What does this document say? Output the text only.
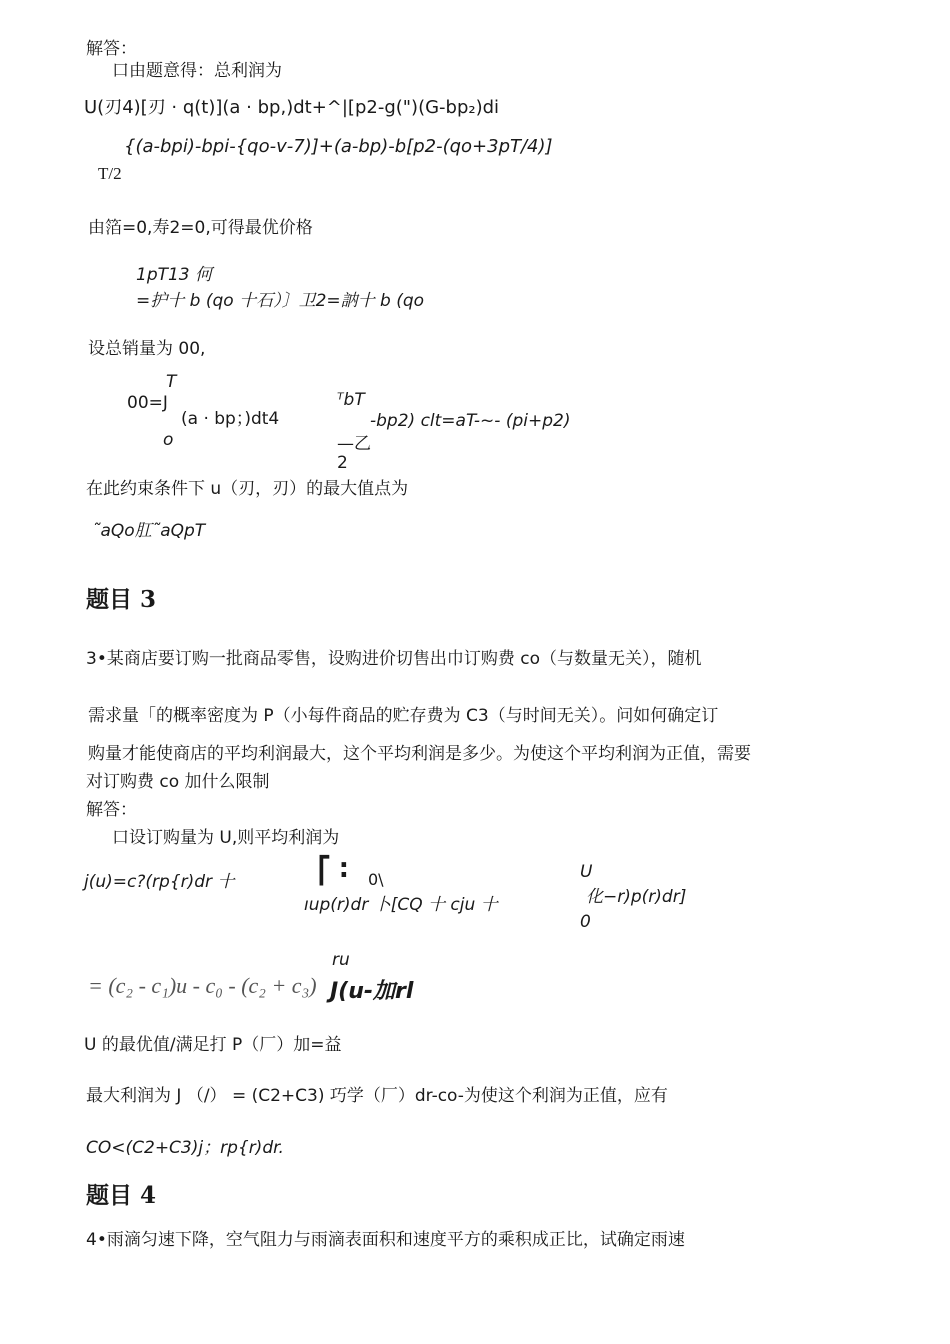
解答：
口由题意得：总利润为
U(刃4)[刃 · q(t)](a · bp,)dt+^|[p2-g(")(G-bp₂)di
{(a-bpi)-bpi-{qo-v-7)]+(a-bp)-b[p2-(qo+3pT/4)]
T/2
由箔=0,寿2=0,可得最优价格
1pT13 何
=护十 b (qo 十石）〕卫2=訥十 b (qo
设总销量为 00,
T
00=J
(a · bp；)dt4
o
ᵀbT
-bp2) clt=aT-~- (pi+p2)
—乙
2
在此约束条件下 u（刃，刃）的最大值点为
˜aQo肛˜aQpT
题目 3
3•某商店要订购一批商品零售，设购进价切售出巾订购费 co（与数量无关），随机
需求量「的概率密度为 P（小每件商品的贮存费为 C3（与时间无关）。问如何确定订
购量才能使商店的平均利润最大，这个平均利润是多少。为使这个平均利润为正值，需要
对订购费 co 加什么限制
解答：
口设订购量为 U,则平均利润为
j(u)=c?(rp{r)dr 十	⎡ ∶ 0\
ıup(r)dr 卜[CQ 十 cju 十
U
化−r)p(r)dr]
0
ru
= (c₂ - c₁)u - c₀ - (c₂ + c₃) J(u-加rl
U 的最优值/满足打 P（厂）加=益
最大利润为 J （/） = (C2+C3) 巧学（厂）dr-co-为使这个利润为正值，应有
CO<(C2+C3)j；rp{r)dr.
题目 4
4•雨滴匀速下降，空气阻力与雨滴表面积和速度平方的乘积成正比，试确定雨速
